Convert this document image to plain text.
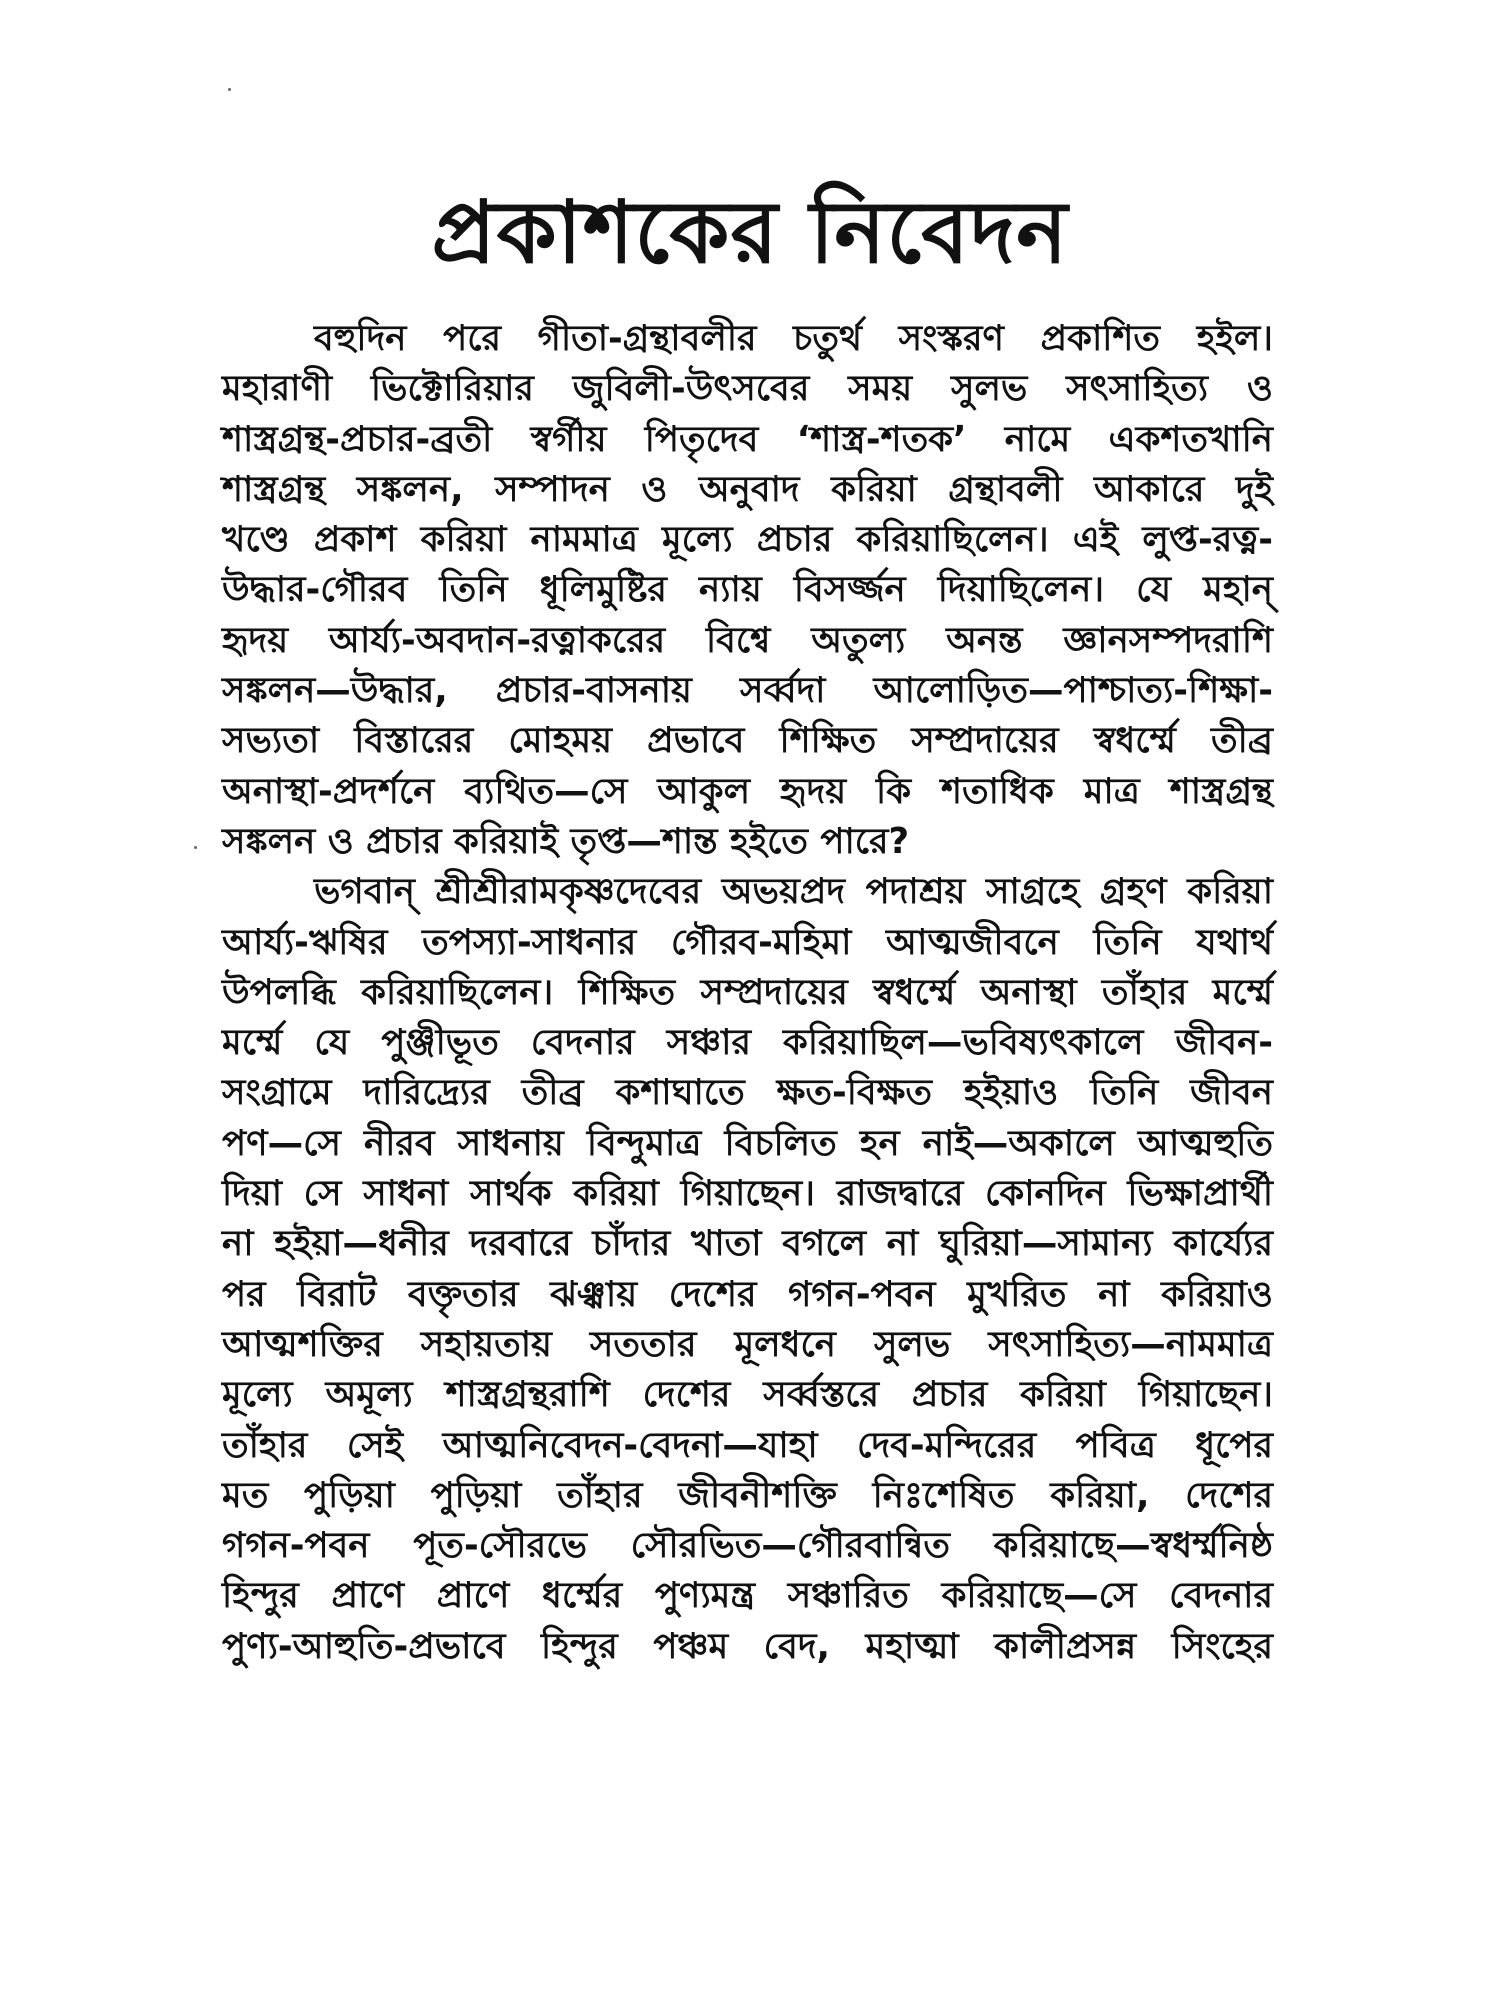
প্রকাশকের নিবেদন
বহুদিন পরে গীতা-গ্রন্থাবলীর চতুর্থ সংস্করণ প্রকাশিত হইল।
মহারাণী ভিক্টোরিয়ার জুবিলী-উৎসবের সময় সুলভ সৎসাহিত্য ও
শাস্ত্রগ্রন্থ-প্রচার-ব্রতী স্বর্গীয় পিতৃদেব ‘শাস্ত্র-শতক’ নামে একশতখানি
শাস্ত্রগ্রন্থ সঙ্কলন, সম্পাদন ও অনুবাদ করিয়া গ্রন্থাবলী আকারে দুই
খণ্ডে প্রকাশ করিয়া নামমাত্র মূল্যে প্রচার করিয়াছিলেন। এই লুপ্ত-রত্ন-
উদ্ধার-গৌরব তিনি ধূলিমুষ্টির ন্যায় বিসর্জ্জন দিয়াছিলেন। যে মহান্
হৃদয় আর্য্য-অবদান-রত্নাকরের বিশ্বে অতুল্য অনন্ত জ্ঞানসম্পদরাশি
সঙ্কলন—উদ্ধার, প্রচার-বাসনায় সর্ব্বদা আলোড়িত—পাশ্চাত্য-শিক্ষা-
সভ্যতা বিস্তারের মোহময় প্রভাবে শিক্ষিত সম্প্রদায়ের স্বধর্ম্মে তীব্র
অনাস্থা-প্রদর্শনে ব্যথিত—সে আকুল হৃদয় কি শতাধিক মাত্র শাস্ত্রগ্রন্থ
সঙ্কলন ও প্রচার করিয়াই তৃপ্ত—শান্ত হইতে পারে?
ভগবান্ শ্রীশ্রীরামকৃষ্ণদেবের অভয়প্রদ পদাশ্রয় সাগ্রহে গ্রহণ করিয়া
আর্য্য-ঋষির তপস্যা-সাধনার গৌরব-মহিমা আত্মজীবনে তিনি যথার্থ
উপলব্ধি করিয়াছিলেন। শিক্ষিত সম্প্রদায়ের স্বধর্ম্মে অনাস্থা তাঁহার মর্ম্মে
মর্ম্মে যে পুঞ্জীভূত বেদনার সঞ্চার করিয়াছিল—ভবিষ্যৎকালে জীবন-
সংগ্রামে দারিদ্র্যের তীব্র কশাঘাতে ক্ষত-বিক্ষত হইয়াও তিনি জীবন
পণ—সে নীরব সাধনায় বিন্দুমাত্র বিচলিত হন নাই—অকালে আত্মহুতি
দিয়া সে সাধনা সার্থক করিয়া গিয়াছেন। রাজদ্বারে কোনদিন ভিক্ষাপ্রার্থী
না হইয়া—ধনীর দরবারে চাঁদার খাতা বগলে না ঘুরিয়া—সামান্য কার্য্যের
পর বিরাট বক্তৃতার ঝঞ্ঝায় দেশের গগন-পবন মুখরিত না করিয়াও
আত্মশক্তির সহায়তায় সততার মূলধনে সুলভ সৎসাহিত্য—নামমাত্র
মূল্যে অমূল্য শাস্ত্রগ্রন্থরাশি দেশের সর্ব্বস্তরে প্রচার করিয়া গিয়াছেন।
তাঁহার সেই আত্মনিবেদন-বেদনা—যাহা দেব-মন্দিরের পবিত্র ধূপের
মত পুড়িয়া পুড়িয়া তাঁহার জীবনীশক্তি নিঃশেষিত করিয়া, দেশের
গগন-পবন পূত-সৌরভে সৌরভিত—গৌরবান্বিত করিয়াছে—স্বধর্ম্মনিষ্ঠ
হিন্দুর প্রাণে প্রাণে ধর্ম্মের পুণ্যমন্ত্র সঞ্চারিত করিয়াছে—সে বেদনার
পুণ্য-আহুতি-প্রভাবে হিন্দুর পঞ্চম বেদ, মহাত্মা কালীপ্রসন্ন সিংহের
